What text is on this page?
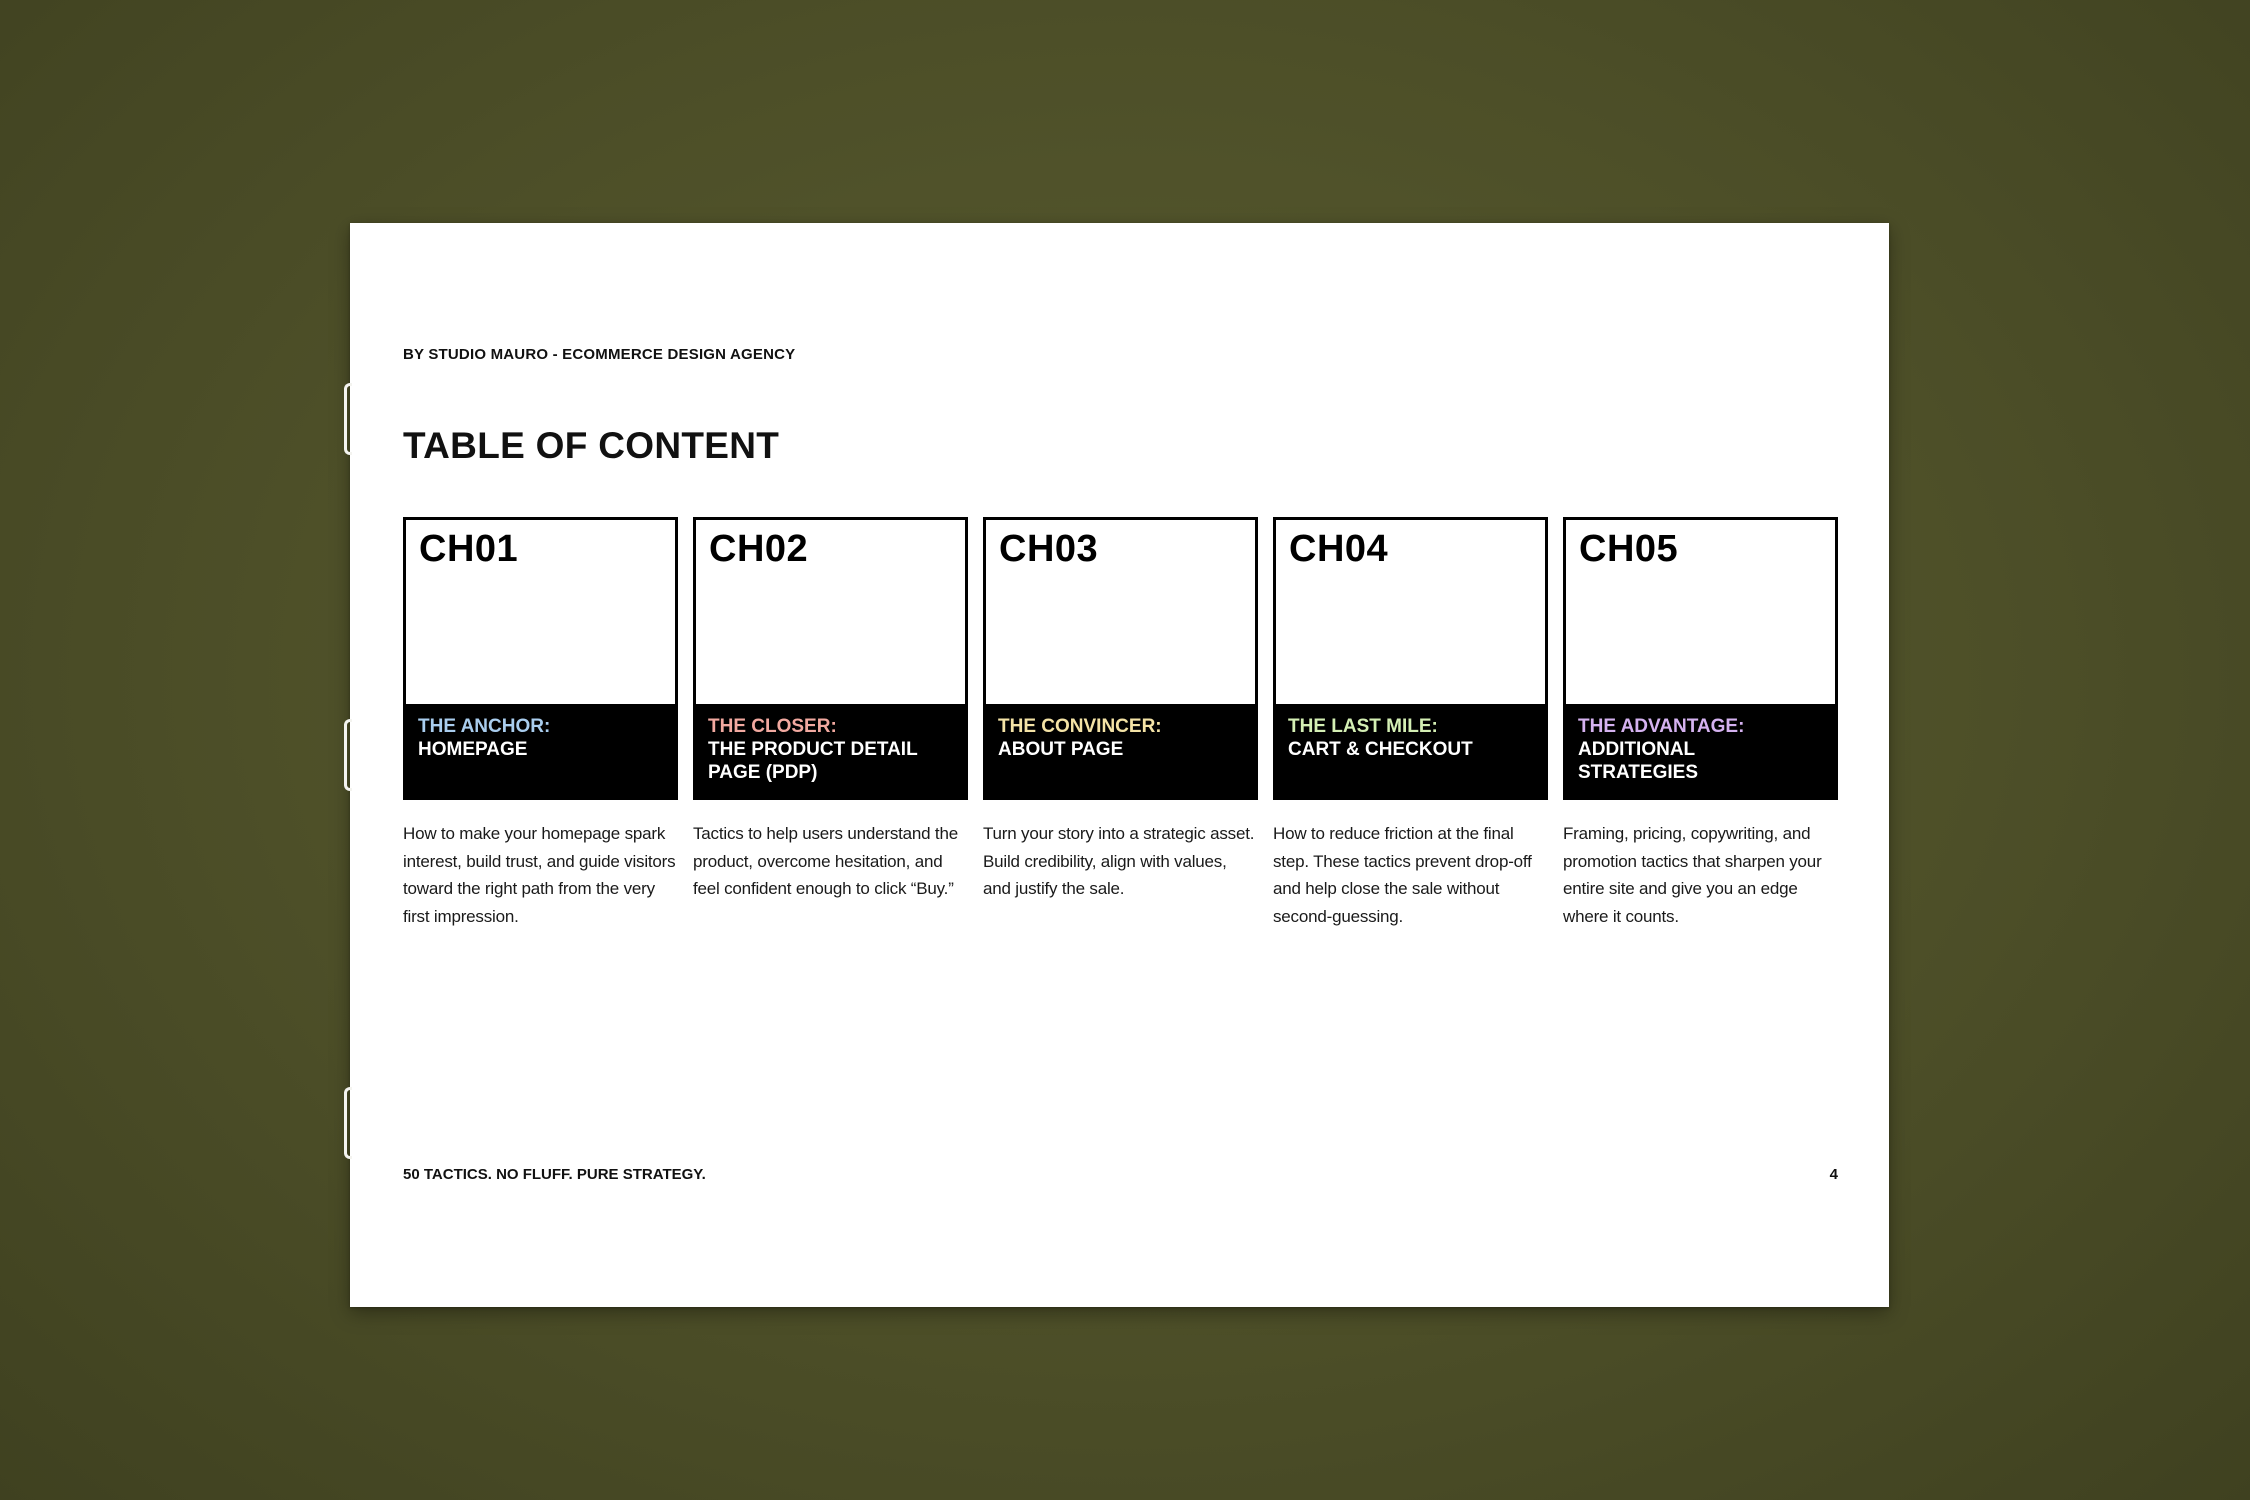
BY STUDIO MAURO - ECOMMERCE DESIGN AGENCY
TABLE OF CONTENT
CH01
THE ANCHOR:
HOMEPAGE
How to make your homepage spark interest, build trust, and guide visitors toward the right path from the very first impression.
CH02
THE CLOSER:
THE PRODUCT DETAIL
PAGE (PDP)
Tactics to help users understand the product, overcome hesitation, and feel confident enough to click “Buy.”
CH03
THE CONVINCER:
ABOUT PAGE
Turn your story into a strategic asset. Build credibility, align with values, and justify the sale.
CH04
THE LAST MILE:
CART & CHECKOUT
How to reduce friction at the final step. These tactics prevent drop-off and help close the sale without second-guessing.
CH05
THE ADVANTAGE:
ADDITIONAL
STRATEGIES
Framing, pricing, copywriting, and promotion tactics that sharpen your entire site and give you an edge where it counts.
50 TACTICS. NO FLUFF. PURE STRATEGY.	4
